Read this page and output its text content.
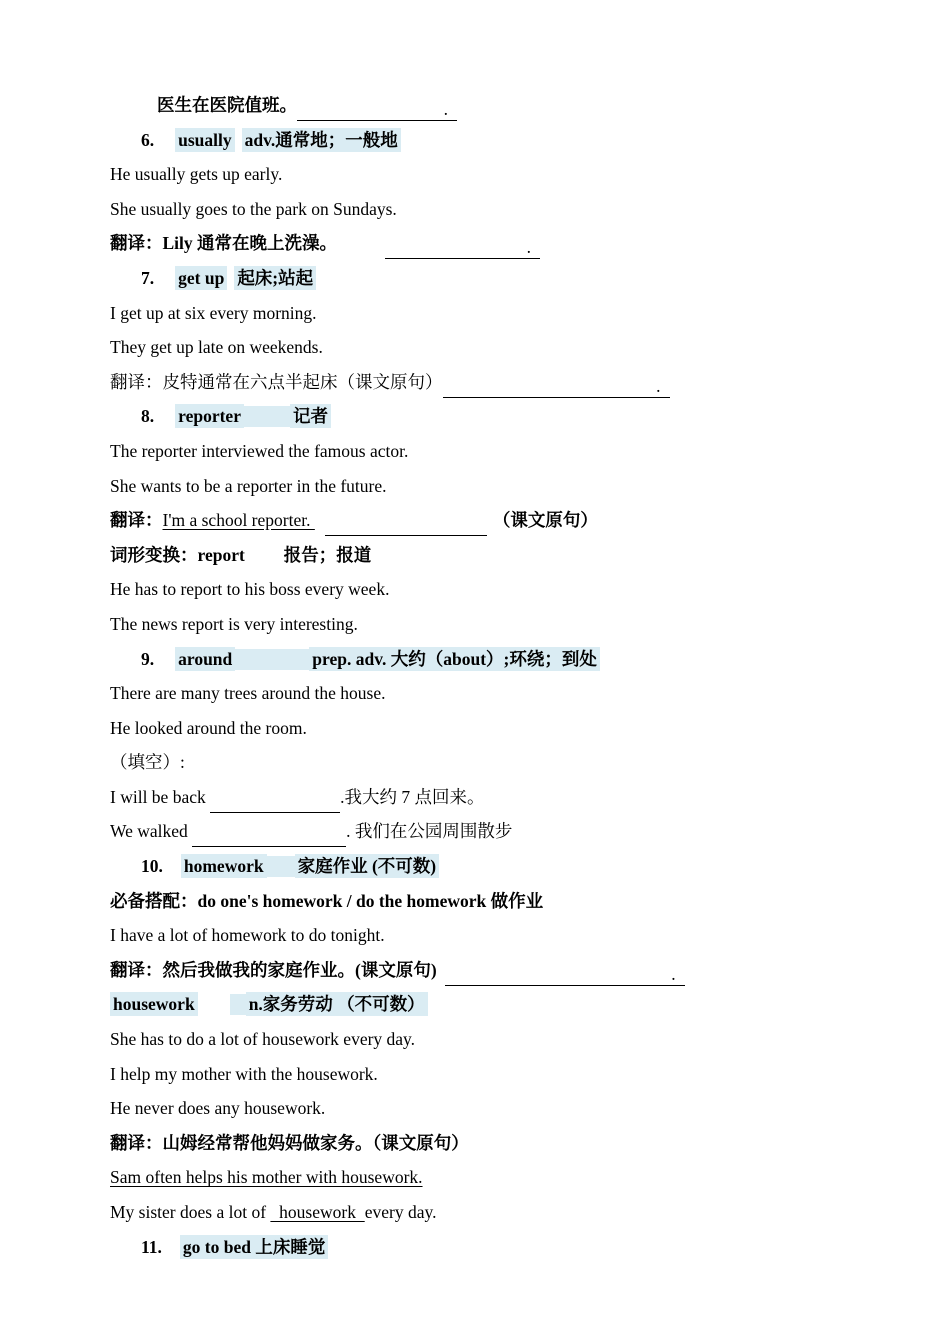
医生在医院值班。	.
6. usually adv.通常地；一般地
He usually gets up early.
She usually goes to the park on Sundays.
翻译：Lily 通常在晚上洗澡。	.
7. get up 起床;站起
I get up at six every morning.
They get up late on weekends.
翻译：皮特通常在六点半起床（课文原句）	.
8. reporter	记者
The reporter interviewed the famous actor.
She wants to be a reporter in the future.
翻译：I'm a school reporter.	（课文原句）
词形变换：report 报告；报道
He has to report to his boss every week.
The news report is very interesting.
9. around	prep. adv. 大约（about）;环绕；到处
There are many trees around the house.
He looked around the room.
（填空）:
I will be back	.我大约 7 点回来。
We walked	. 我们在公园周围散步
10. homework 家庭作业 (不可数)
必备搭配：do one's homework / do the homework 做作业
I have a lot of homework to do tonight.
翻译：然后我做我的家庭作业。(课文原句)	.
housework	n.家务劳动 （不可数）
She has to do a lot of housework every day.
I help my mother with the housework.
He never does any housework.
翻译：山姆经常帮他妈妈做家务。（课文原句）
Sam often helps his mother with housework.
My sister does a lot of   housework  every day.
11. go to bed 上床睡觉
